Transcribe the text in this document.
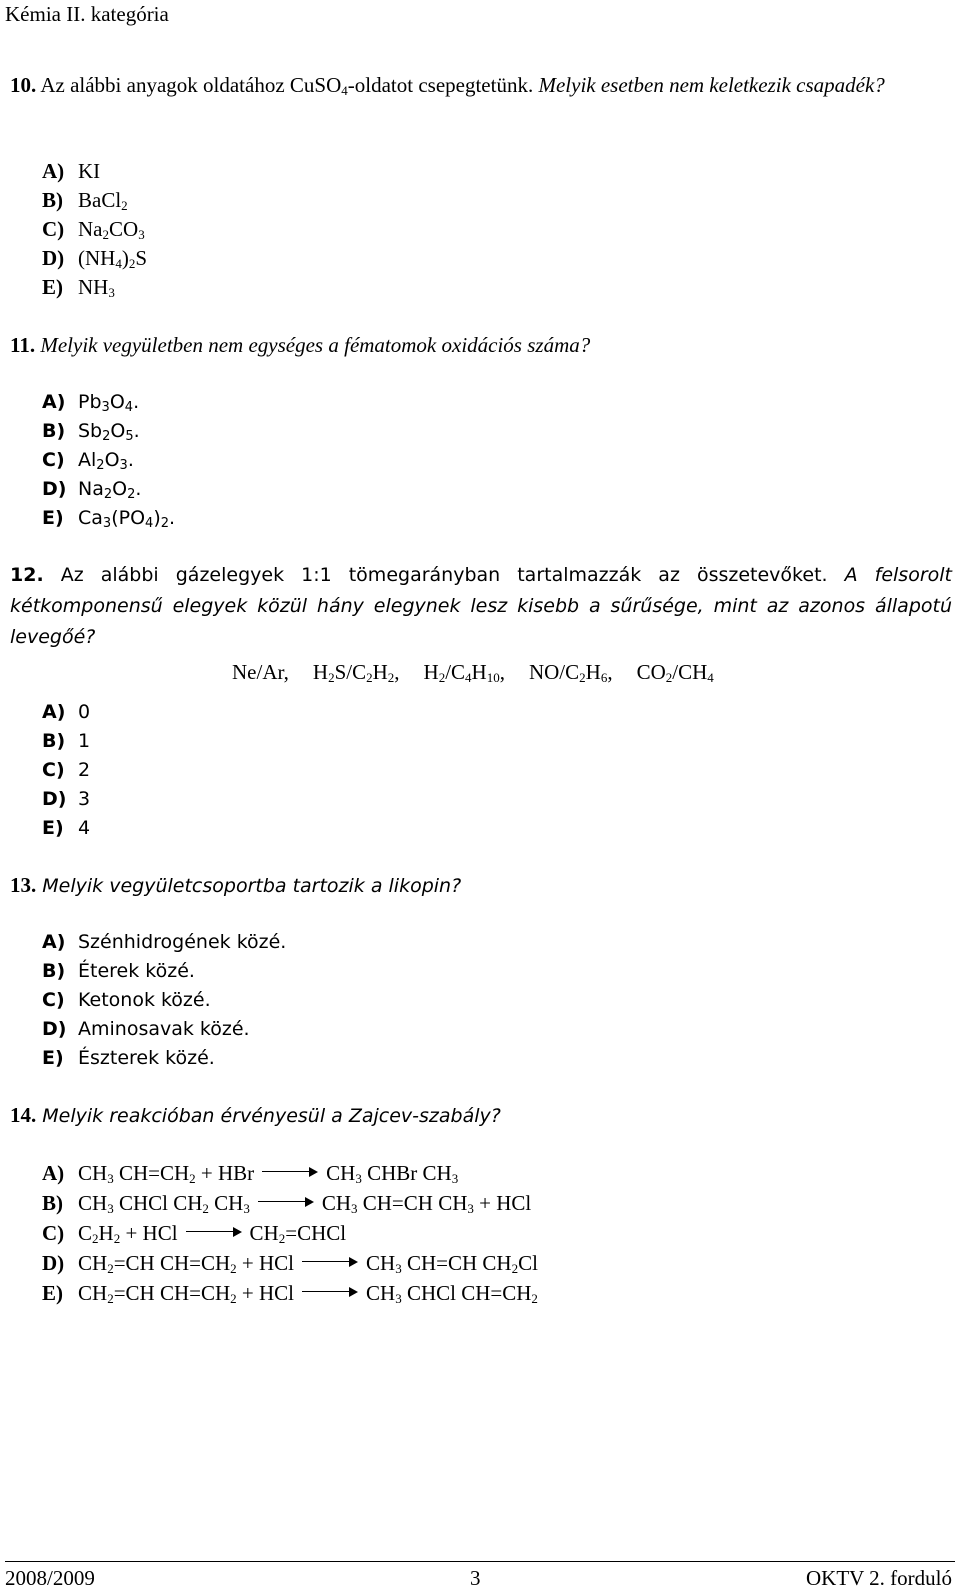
Kémia II. kategória
10. Az alábbi anyagok oldatához CuSO$_4$-oldatot csepegtetünk. Melyik esetben nem keletkezik csapadék?
A) KI
B) BaCl$_2$
C) $Na_2CO_3$
D) $(NH_4)_2S$
E) $NH_3$
11. Melyik vegyületben nem egységes a fématomok oxidációs száma?
A) $Pb_3O_4$.
B) $Sb_2O_5$.
C) $Al_2O_3$.
D) $Na_2O_2$.
E) $Ca_3(PO_4)_2$.
12. Az alábbi gázelegyek 1:1 tömegarányban tartalmazzák az összetevőket. A felsorolt kétkomponensű elegyek közül hány elegynek lesz kisebb a sűrűsége, mint az azonos állapotú levegőé?
Ne/Ar, $H_2S/C_2H_2$, $H_2/C_4H_{10}$, $NO/C_2H_6$, $CO_2/CH_4$
A) 0
B) 1
C) 2
D) 3
E) 4
13. Melyik vegyületcsoportba tartozik a likopin?
A) Szénhidrogének közé.
B) Éterek közé.
C) Ketonok közé.
D) Aminosavak közé.
E) Észterek közé.
14. Melyik reakcióban érvényesül a Zajcev-szabály?
A) $CH_3$ $CH=CH_2$ + HBr	$CH_3$ CHBr $CH_3$
B) $CH_3$ CHCl $CH_2$ $CH_3$	$CH_3$ CH=CH $CH_3$ + HCl
C) $C_2H_2$ + HCl	$CH_2=CHCl$
D) $CH_2=CH$ $CH=CH_2$ + HCl	$CH_3$ CH=CH $CH_2Cl$
E) $CH_2=CH$ $CH=CH_2$ + HCl	$CH_3$ CHCl $CH=CH_2$
2008/2009	3	OKTV 2. forduló
